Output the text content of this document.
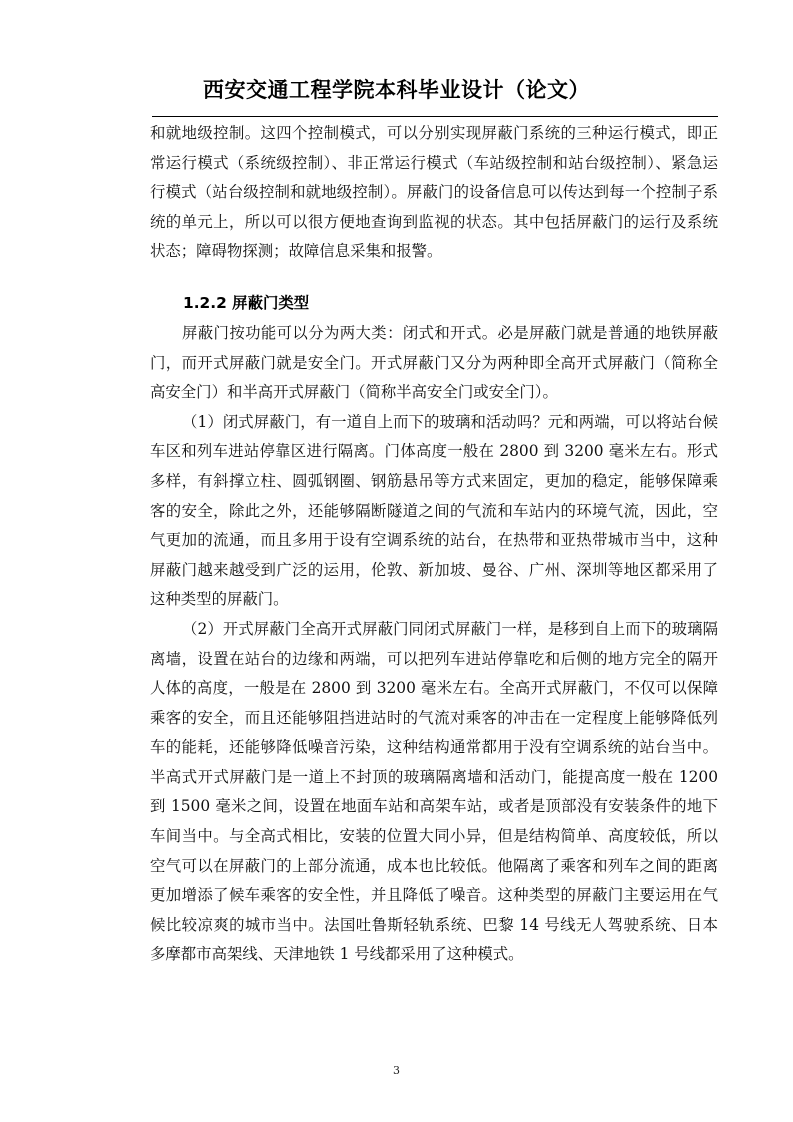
西安交通工程学院本科毕业设计（论文）

和就地级控制。这四个控制模式，可以分别实现屏蔽门系统的三种运行模式，即正常运行模式（系统级控制）、非正常运行模式（车站级控制和站台级控制）、紧急运行模式（站台级控制和就地级控制）。屏蔽门的设备信息可以传达到每一个控制子系统的单元上，所以可以很方便地查询到监视的状态。其中包括屏蔽门的运行及系统状态；障碍物探测；故障信息采集和报警。

1.2.2 屏蔽门类型

屏蔽门按功能可以分为两大类：闭式和开式。必是屏蔽门就是普通的地铁屏蔽门，而开式屏蔽门就是安全门。开式屏蔽门又分为两种即全高开式屏蔽门（简称全高安全门）和半高开式屏蔽门（简称半高安全门或安全门）。

（1）闭式屏蔽门，有一道自上而下的玻璃和活动吗？元和两端，可以将站台候车区和列车进站停靠区进行隔离。门体高度一般在 2800 到 3200 毫米左右。形式多样，有斜撑立柱、圆弧钢圈、钢筋悬吊等方式来固定，更加的稳定，能够保障乘客的安全，除此之外，还能够隔断隧道之间的气流和车站内的环境气流，因此，空气更加的流通，而且多用于设有空调系统的站台，在热带和亚热带城市当中，这种屏蔽门越来越受到广泛的运用，伦敦、新加坡、曼谷、广州、深圳等地区都采用了这种类型的屏蔽门。

（2）开式屏蔽门全高开式屏蔽门同闭式屏蔽门一样，是移到自上而下的玻璃隔离墙，设置在站台的边缘和两端，可以把列车进站停靠吃和后侧的地方完全的隔开人体的高度，一般是在 2800 到 3200 毫米左右。全高开式屏蔽门，不仅可以保障乘客的安全，而且还能够阻挡进站时的气流对乘客的冲击在一定程度上能够降低列车的能耗，还能够降低噪音污染，这种结构通常都用于没有空调系统的站台当中。半高式开式屏蔽门是一道上不封顶的玻璃隔离墙和活动门，能提高度一般在 1200 到 1500 毫米之间，设置在地面车站和高架车站，或者是顶部没有安装条件的地下车间当中。与全高式相比，安装的位置大同小异，但是结构简单、高度较低，所以空气可以在屏蔽门的上部分流通，成本也比较低。他隔离了乘客和列车之间的距离更加增添了候车乘客的安全性，并且降低了噪音。这种类型的屏蔽门主要运用在气候比较凉爽的城市当中。法国吐鲁斯轻轨系统、巴黎 14 号线无人驾驶系统、日本多摩都市高架线、天津地铁 1 号线都采用了这种模式。

3
